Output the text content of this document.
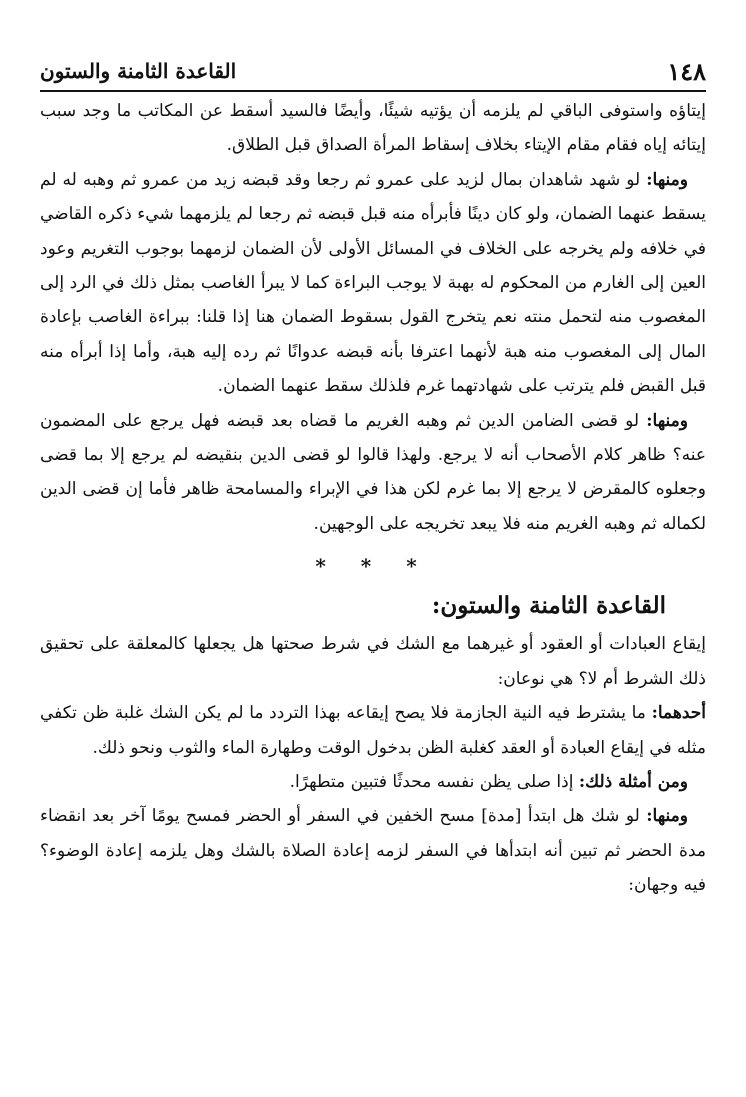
١٤٨
القاعدة الثامنة والستون

إيتاؤه واستوفى الباقي لم يلزمه أن يؤتيه شيئًا، وأيضًا فالسيد أسقط عن المكاتب ما وجد سبب إيتائه إياه فقام مقام الإيتاء بخلاف إسقاط المرأة الصداق قبل الطلاق.

ومنها: لو شهد شاهدان بمال لزيد على عمرو ثم رجعا وقد قبضه زيد من عمرو ثم وهبه له لم يسقط عنهما الضمان، ولو كان دينًا فأبرأه منه قبل قبضه ثم رجعا لم يلزمهما شيء ذكره القاضي في خلافه ولم يخرجه على الخلاف في المسائل الأولى لأن الضمان لزمهما بوجوب التغريم وعود العين إلى الغارم من المحكوم له بهبة لا يوجب البراءة كما لا يبرأ الغاصب بمثل ذلك في الرد إلى المغصوب منه لتحمل منته نعم يتخرج القول بسقوط الضمان هنا إذا قلنا: ببراءة الغاصب بإعادة المال إلى المغصوب منه هبة لأنهما اعترفا بأنه قبضه عدوانًا ثم رده إليه هبة، وأما إذا أبرأه منه قبل القبض فلم يترتب على شهادتهما غرم فلذلك سقط عنهما الضمان.

ومنها: لو قضى الضامن الدين ثم وهبه الغريم ما قضاه بعد قبضه فهل يرجع على المضمون عنه؟ ظاهر كلام الأصحاب أنه لا يرجع. ولهذا قالوا لو قضى الدين بنقيضه لم يرجع إلا بما قضى وجعلوه كالمقرض لا يرجع إلا بما غرم لكن هذا في الإبراء والمسامحة ظاهر فأما إن قضى الدين لكماله ثم وهبه الغريم منه فلا يبعد تخريجه على الوجهين.

* * *
القاعدة الثامنة والستون:

إيقاع العبادات أو العقود أو غيرهما مع الشك في شرط صحتها هل يجعلها كالمعلقة على تحقيق ذلك الشرط أم لا؟ هي نوعان:

أحدهما: ما يشترط فيه النية الجازمة فلا يصح إيقاعه بهذا التردد ما لم يكن الشك غلبة ظن تكفي مثله في إيقاع العبادة أو العقد كغلبة الظن بدخول الوقت وطهارة الماء والثوب ونحو ذلك.

ومن أمثلة ذلك: إذا صلى يظن نفسه محدثًا فتبين متطهرًا.

ومنها: لو شك هل ابتدأ [مدة] مسح الخفين في السفر أو الحضر فمسح يومًا آخر بعد انقضاء مدة الحضر ثم تبين أنه ابتدأها في السفر لزمه إعادة الصلاة بالشك وهل يلزمه إعادة الوضوء؟ فيه وجهان:
